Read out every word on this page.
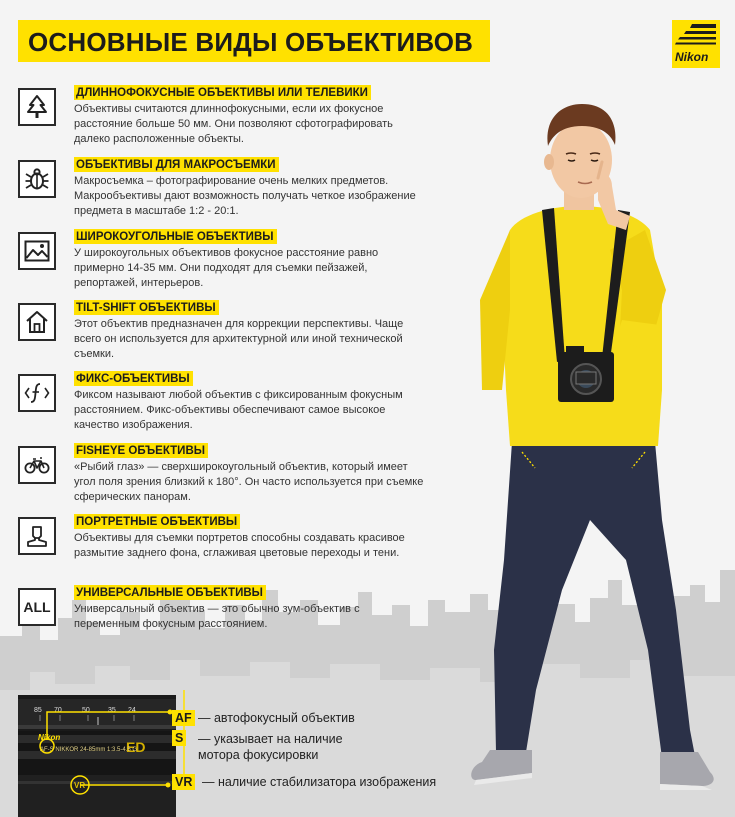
ОСНОВНЫЕ ВИДЫ ОБЪЕКТИВОВ	Nikon
ДЛИННОФОКУСНЫЕ ОБЪЕКТИВЫ ИЛИ ТЕЛЕВИКИ
Объективы считаются длиннофокусными, если их фокусное расстояние больше 50 мм. Они позволяют сфотографировать далеко расположенные объекты.
ОБЪЕКТИВЫ ДЛЯ МАКРОСЪЕМКИ
Макросъемка – фотографирование очень мелких предметов. Макрообъективы дают возможность получать четкое изображение предмета в масштабе 1:2 - 20:1.
ШИРОКОУГОЛЬНЫЕ ОБЪЕКТИВЫ
У широкоугольных объективов фокусное расстояние равно примерно 14-35 мм. Они подходят для съемки пейзажей, репортажей, интерьеров.
TILT-SHIFT ОБЪЕКТИВЫ
Этот объектив предназначен для коррекции перспективы. Чаще всего он используется для архитектурной или иной технической съемки.
ФИКС-ОБЪЕКТИВЫ
Фиксом называют любой объектив с фиксированным фокусным расстоянием. Фикс-объективы обеспечивают самое высокое качество изображения.
FISHEYE ОБЪЕКТИВЫ
«Рыбий глаз» — сверхширокоугольный объектив, который имеет угол поля зрения близкий к 180°. Он часто используется при съемке сферических панорам.
ПОРТРЕТНЫЕ ОБЪЕКТИВЫ
Объективы для съемки портретов способны создавать красивое размытие заднего фона, сглаживая цветовые переходы и тени.
ALL
УНИВЕРСАЛЬНЫЕ ОБЪЕКТИВЫ
Универсальный объектив — это обычно зум-объектив с переменным фокусным расстоянием.
85 70	50	35 24
Nikon
ED
AF-S NIKKOR 24-85mm 1:3.5-4.5 G
VR
AF — автофокусный объектив
S — указывает на наличие мотора фокусировки
VR — наличие стабилизатора изображения
